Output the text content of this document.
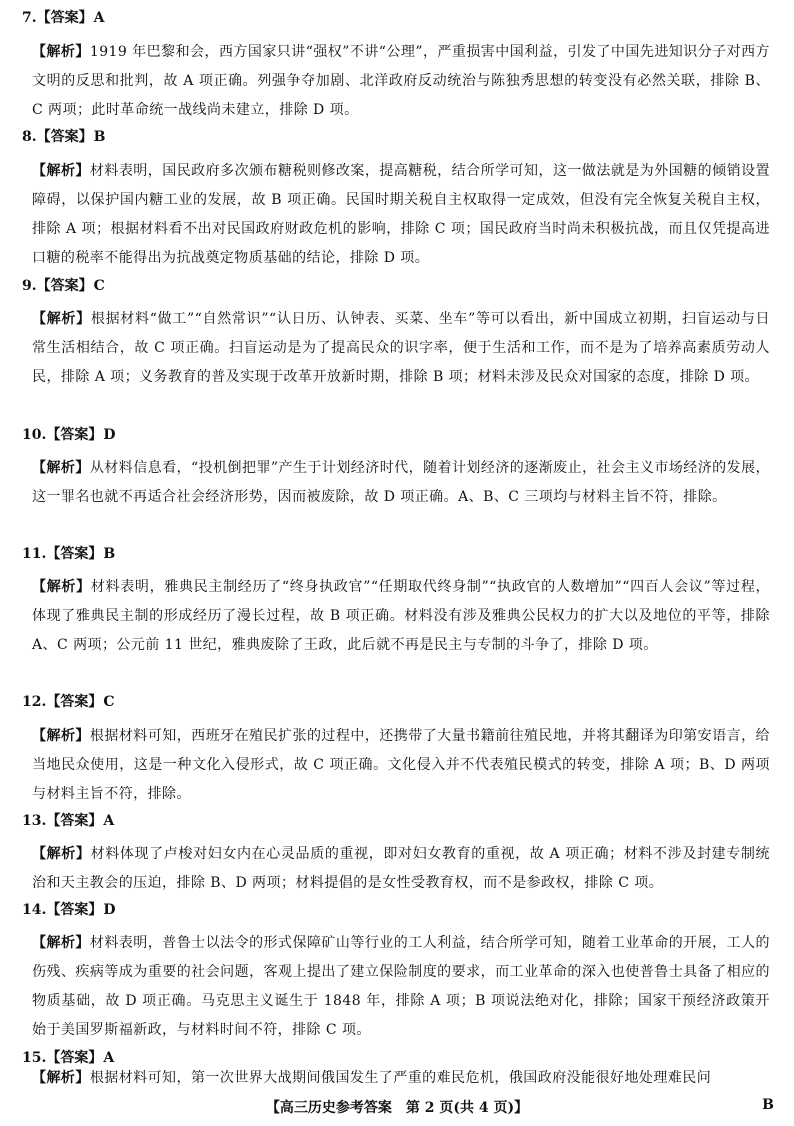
7.【答案】A
【解析】1919 年巴黎和会，西方国家只讲“强权”不讲“公理”，严重损害中国利益，引发了中国先进知识分子对西方文明的反思和批判，故 A 项正确。列强争夺加剧、北洋政府反动统治与陈独秀思想的转变没有必然关联，排除 B、C 两项；此时革命统一战线尚未建立，排除 D 项。
8.【答案】B
【解析】材料表明，国民政府多次颁布糖税则修改案，提高糖税，结合所学可知，这一做法就是为外国糖的倾销设置障碍，以保护国内糖工业的发展，故 B 项正确。民国时期关税自主权取得一定成效，但没有完全恢复关税自主权，排除 A 项；根据材料看不出对民国政府财政危机的影响，排除 C 项；国民政府当时尚未积极抗战，而且仅凭提高进口糖的税率不能得出为抗战奠定物质基础的结论，排除 D 项。
9.【答案】C
【解析】根据材料“做工”“自然常识”“认日历、认钟表、买菜、坐车”等可以看出，新中国成立初期，扫盲运动与日常生活相结合，故 C 项正确。扫盲运动是为了提高民众的识字率，便于生活和工作，而不是为了培养高素质劳动人民，排除 A 项；义务教育的普及实现于改革开放新时期，排除 B 项；材料未涉及民众对国家的态度，排除 D 项。
10.【答案】D
【解析】从材料信息看，“投机倒把罪”产生于计划经济时代，随着计划经济的逐渐废止，社会主义市场经济的发展，这一罪名也就不再适合社会经济形势，因而被废除，故 D 项正确。A、B、C 三项均与材料主旨不符，排除。
11.【答案】B
【解析】材料表明，雅典民主制经历了“终身执政官”“任期取代终身制”“执政官的人数增加”“四百人会议”等过程，体现了雅典民主制的形成经历了漫长过程，故 B 项正确。材料没有涉及雅典公民权力的扩大以及地位的平等，排除 A、C 两项；公元前 11 世纪，雅典废除了王政，此后就不再是民主与专制的斗争了，排除 D 项。
12.【答案】C
【解析】根据材料可知，西班牙在殖民扩张的过程中，还携带了大量书籍前往殖民地，并将其翻译为印第安语言，给当地民众使用，这是一种文化入侵形式，故 C 项正确。文化侵入并不代表殖民模式的转变，排除 A 项；B、D 两项与材料主旨不符，排除。
13.【答案】A
【解析】材料体现了卢梭对妇女内在心灵品质的重视，即对妇女教育的重视，故 A 项正确；材料不涉及封建专制统治和天主教会的压迫，排除 B、D 两项；材料提倡的是女性受教育权，而不是参政权，排除 C 项。
14.【答案】D
【解析】材料表明，普鲁士以法令的形式保障矿山等行业的工人利益，结合所学可知，随着工业革命的开展，工人的伤残、疾病等成为重要的社会问题，客观上提出了建立保险制度的要求，而工业革命的深入也使普鲁士具备了相应的物质基础，故 D 项正确。马克思主义诞生于 1848 年，排除 A 项；B 项说法绝对化，排除；国家干预经济政策开始于美国罗斯福新政，与材料时间不符，排除 C 项。
15.【答案】A
【解析】根据材料可知，第一次世界大战期间俄国发生了严重的难民危机，俄国政府没能很好地处理难民问
【高三历史参考答案　第 2 页(共 4 页)】	B
